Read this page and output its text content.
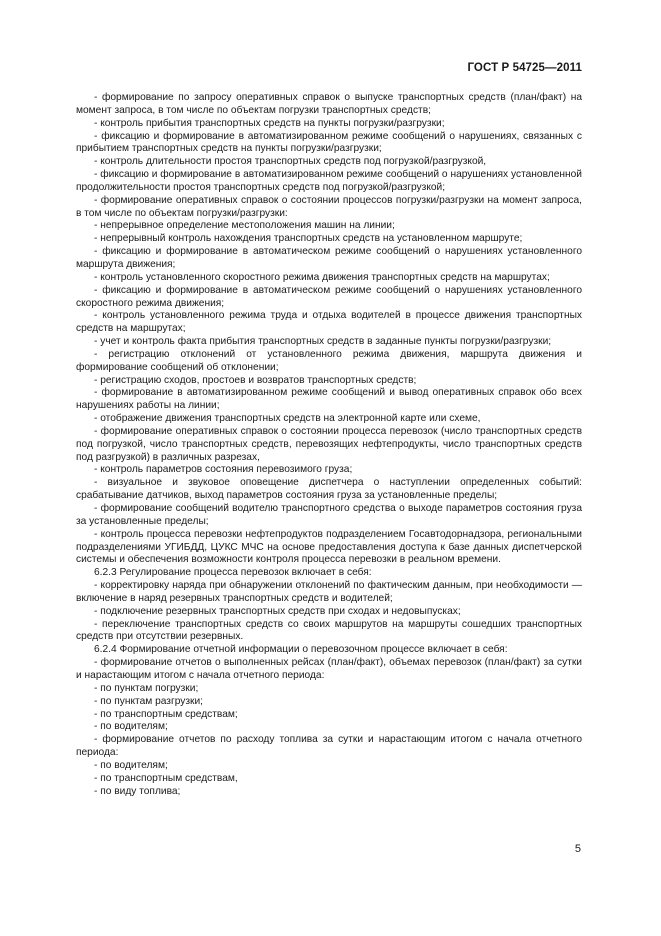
ГОСТ Р 54725—2011

- формирование по запросу оперативных справок о выпуске транспортных средств (план/факт) на момент запроса, в том числе по объектам погрузки транспортных средств;

- контроль прибытия транспортных средств на пункты погрузки/разгрузки;

- фиксацию и формирование в автоматизированном режиме сообщений о нарушениях, связанных с прибытием транспортных средств на пункты погрузки/разгрузки;

- контроль длительности простоя транспортных средств под погрузкой/разгрузкой,

- фиксацию и формирование в автоматизированном режиме сообщений о нарушениях установленной продолжительности простоя транспортных средств под погрузкой/разгрузкой;

- формирование оперативных справок о состоянии процессов погрузки/разгрузки на момент запроса, в том числе по объектам погрузки/разгрузки:

- непрерывное определение местоположения машин на линии;

- непрерывный контроль нахождения транспортных средств на установленном маршруте;

- фиксацию и формирование в автоматическом режиме сообщений о нарушениях установленного маршрута движения;

- контроль установленного скоростного режима движения транспортных средств на маршрутах;

- фиксацию и формирование в автоматическом режиме сообщений о нарушениях установленного скоростного режима движения;

- контроль установленного режима труда и отдыха водителей в процессе движения транспортных средств на маршрутах;

- учет и контроль факта прибытия транспортных средств в заданные пункты погрузки/разгрузки;

- регистрацию отклонений от установленного режима движения, маршрута движения и формирование сообщений об отклонении;

- регистрацию сходов, простоев и возвратов транспортных средств;

- формирование в автоматизированном режиме сообщений и вывод оперативных справок обо всех нарушениях работы на линии;

- отображение движения транспортных средств на электронной карте или схеме,

- формирование оперативных справок о состоянии процесса перевозок (число транспортных средств под погрузкой, число транспортных средств, перевозящих нефтепродукты, число транспортных средств под разгрузкой) в различных разрезах,

- контроль параметров состояния перевозимого груза;

- визуальное и звуковое оповещение диспетчера о наступлении определенных событий: срабатывание датчиков, выход параметров состояния груза за установленные пределы;

- формирование сообщений водителю транспортного средства о выходе параметров состояния груза за установленные пределы;

- контроль процесса перевозки нефтепродуктов подразделением Госавтодорнадзора, региональными подразделениями УГИБДД, ЦУКС МЧС на основе предоставления доступа к базе данных диспетчерской системы и обеспечения возможности контроля процесса перевозки в реальном времени.

6.2.3 Регулирование процесса перевозок включает в себя:

- корректировку наряда при обнаружении отклонений по фактическим данным, при необходимости — включение в наряд резервных транспортных средств и водителей;

- подключение резервных транспортных средств при сходах и недовыпусках;

- переключение транспортных средств со своих маршрутов на маршруты сошедших транспортных средств при отсутствии резервных.

6.2.4 Формирование отчетной информации о перевозочном процессе включает в себя:

- формирование отчетов о выполненных рейсах (план/факт), объемах перевозок (план/факт) за сутки и нарастающим итогом с начала отчетного периода:

- по пунктам погрузки;

- по пунктам разгрузки;

- по транспортным средствам;

- по водителям;

- формирование отчетов по расходу топлива за сутки и нарастающим итогом с начала отчетного периода:

- по водителям;

- по транспортным средствам,

- по виду топлива;

5
